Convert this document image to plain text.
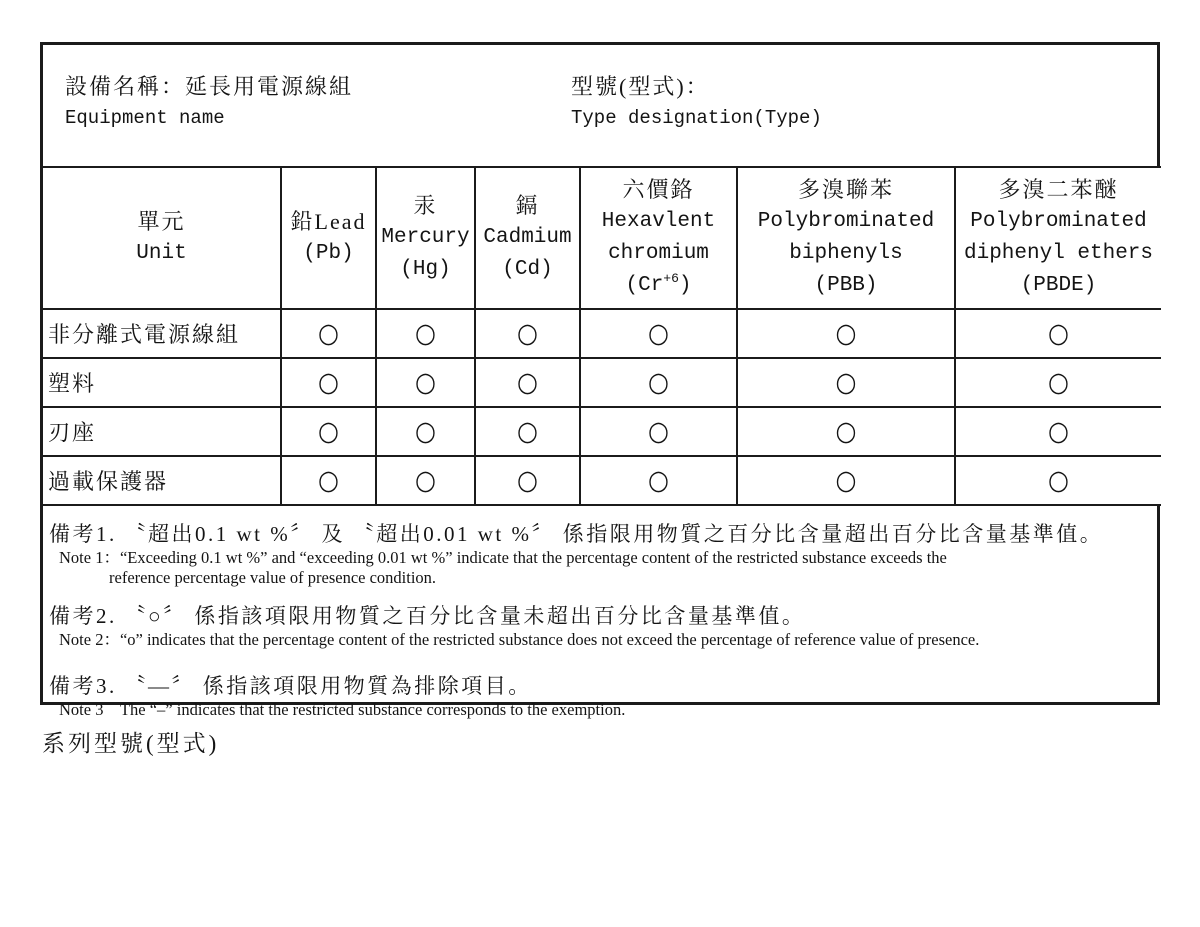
設備名稱：延長用電源線組
Equipment name
型號(型式)：
Type designation(Type)
單元
Unit

鉛Lead
(Pb)

汞
Mercury
(Hg)

鎘
Cadmium
(Cd)

六價鉻
Hexavlent
chromium
$(Cr^{+6})$

多溴聯苯
Polybrominated
biphenyls
(PBB)

多溴二苯醚
Polybrominated
diphenyl ethers
(PBDE)

非分離式電源線組	○	○	○	○	○	○
塑料	○	○	○	○	○	○
刃座	○	○	○	○	○	○
過載保護器	○	○	○	○	○	○
備考1. 〝超出0.1 wt %〞 及 〝超出0.01 wt %〞 係指限用物質之百分比含量超出百分比含量基準值。
Note 1：“Exceeding 0.1 wt %” and “exceeding 0.01 wt %” indicate that the percentage content of the restricted substance exceeds the
reference percentage value of presence condition.
備考2. 〝○〞 係指該項限用物質之百分比含量未超出百分比含量基準值。
Note 2：“o” indicates that the percentage content of the restricted substance does not exceed the percentage of reference value of presence.
備考3. 〝—〞 係指該項限用物質為排除項目。
Note 3　The “–” indicates that the restricted substance corresponds to the exemption.
系列型號(型式)
